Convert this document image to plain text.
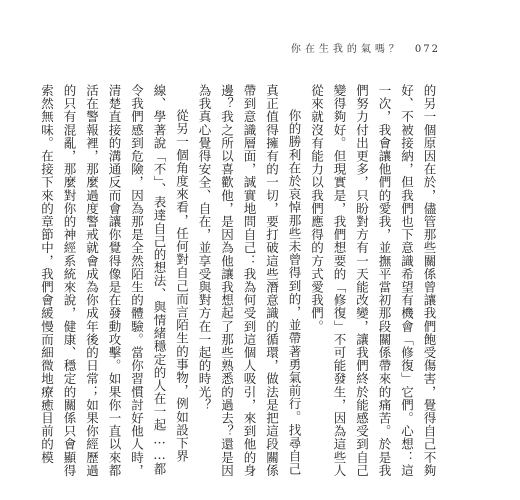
你在生我的氣嗎？ 072

的另一個原因在於，儘管那些關係曾讓我們飽受傷害，覺得自己不夠好、不被接納，但我們也下意識希望有機會「修復」它們。心想：這一次，我會讓他們的愛我，並撫平當初那段關係帶來的痛苦。於是我們努力付出更多，只盼對方有一天能改變，讓我們終於能感受到自己變得夠好。但現實是，我們想要的「修復」不可能發生，因為這些人從來就沒有能力以我們應得的方式愛我們。

你的勝利在於哀悼那些未曾得到的，並帶著勇氣前行。找尋自己真正值得擁有的一切，要打破這些潛意識的循環，做法是把這段關係帶到意識層面，誠實地問自己：我為何受到這個人吸引，來到他的身邊？我之所以喜歡他，是因為他讓我想起了那些熟悉的過去？還是因為我真心覺得安全、自在，並享受與對方在一起的時光？

從另一個角度來看，任何對自己而言陌生的事物，例如設下界線、學著說「不」、表達自己的想法、與情緒穩定的人在一起……都令我們感到危險，因為那是全然陌生的體驗。當你習慣討好他人時，清楚直接的溝通反而會讓你覺得像是在發動攻擊。如果你一直以來都活在警報裡，那麼過度警戒就會成為你成年後的日常；如果你經歷過的只有混亂，那麼對你的神經系統來說，健康、穩定的關係只會顯得索然無味。在接下來的章節中，我們會緩慢而細微地療癒目前的模
